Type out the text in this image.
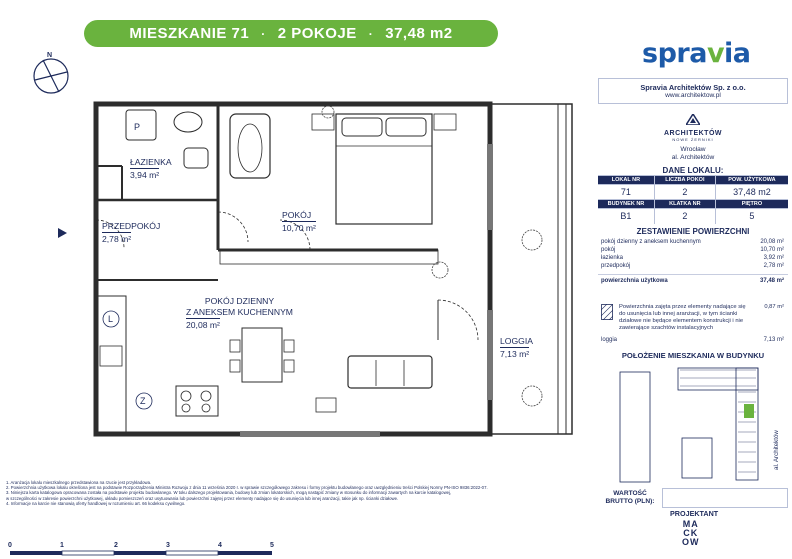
MIESZKANIE 71 · 2 POKOJE · 37,48 m2
spravia
N
P
L
Z
ŁAZIENKA
3,94 m²
PRZEDPOKÓJ
2,78 m²
POKÓJ
10,70 m²
POKÓJ DZIENNY
Z ANEKSEM KUCHENNYM
20,08 m²
LOGGIA
7,13 m²
Spravia Architektów Sp. z o.o.
www.architektow.pl
ARCHITEKTÓW
NOWE ŻERNIKI
Wrocław
al. Architektów
DANE LOKALU:
LOKAL NR	LICZBA POKOI	POW. UŻYTKOWA
71	2	37,48 m2
BUDYNEK NR	KLATKA NR	PIĘTRO
B1	2	5
ZESTAWIENIE POWIERZCHNI
pokój dzienny z aneksem kuchennym	20,08 m²
pokój	10,70 m²
łazienka	3,92 m²
przedpokój	2,78 m²
powierzchnia użytkowa	37,48 m²
Powierzchnia zajęta przez elementy nadające się do usunięcia lub innej aranżacji, w tym ścianki działowe nie będące elementem konstrukcji i nie zawierające szachtów instalacyjnych
0,87 m²
loggia	7,13 m²
POŁOŻENIE MIESZKANIA W BUDYNKU
al. Architektów
1. Aranżacja lokalu mieszkalnego przedstawiona na rzucie jest przykładowa.
2. Powierzchnia użytkowa lokalu określona jest na podstawie Rozporządzenia Ministra Rozwoju z dnia 11 września 2020 r. w sprawie szczegółowego zakresu i formy projektu budowlanego oraz uwzględnieniu treści Polskiej Normy PN-ISO 9836:2022-07.
3. Niniejsza karta katalogowa opracowana została na podstawie projektu budowlanego. W toku dalszego projektowania, budowy lub zmian lokatorskich, mogą nastąpić zmiany w stosunku do informacji zawartych na karcie katalogowej,
w szczególności w zakresie powierzchni użytkowej, układu pomieszczeń oraz usytuowania lub powierzchni zajętej przez elementy nadające się do usunięcia lub innej aranżacji, takie jak np. ścianki działowe.
4. Informacje na karcie nie stanowią oferty handlowej w rozumieniu art. 66 kodeksu cywilnego.
WARTOŚĆ
BRUTTO (PLN):
PROJEKTANT
MA
CK
OW
0	1	2	3	4	5
